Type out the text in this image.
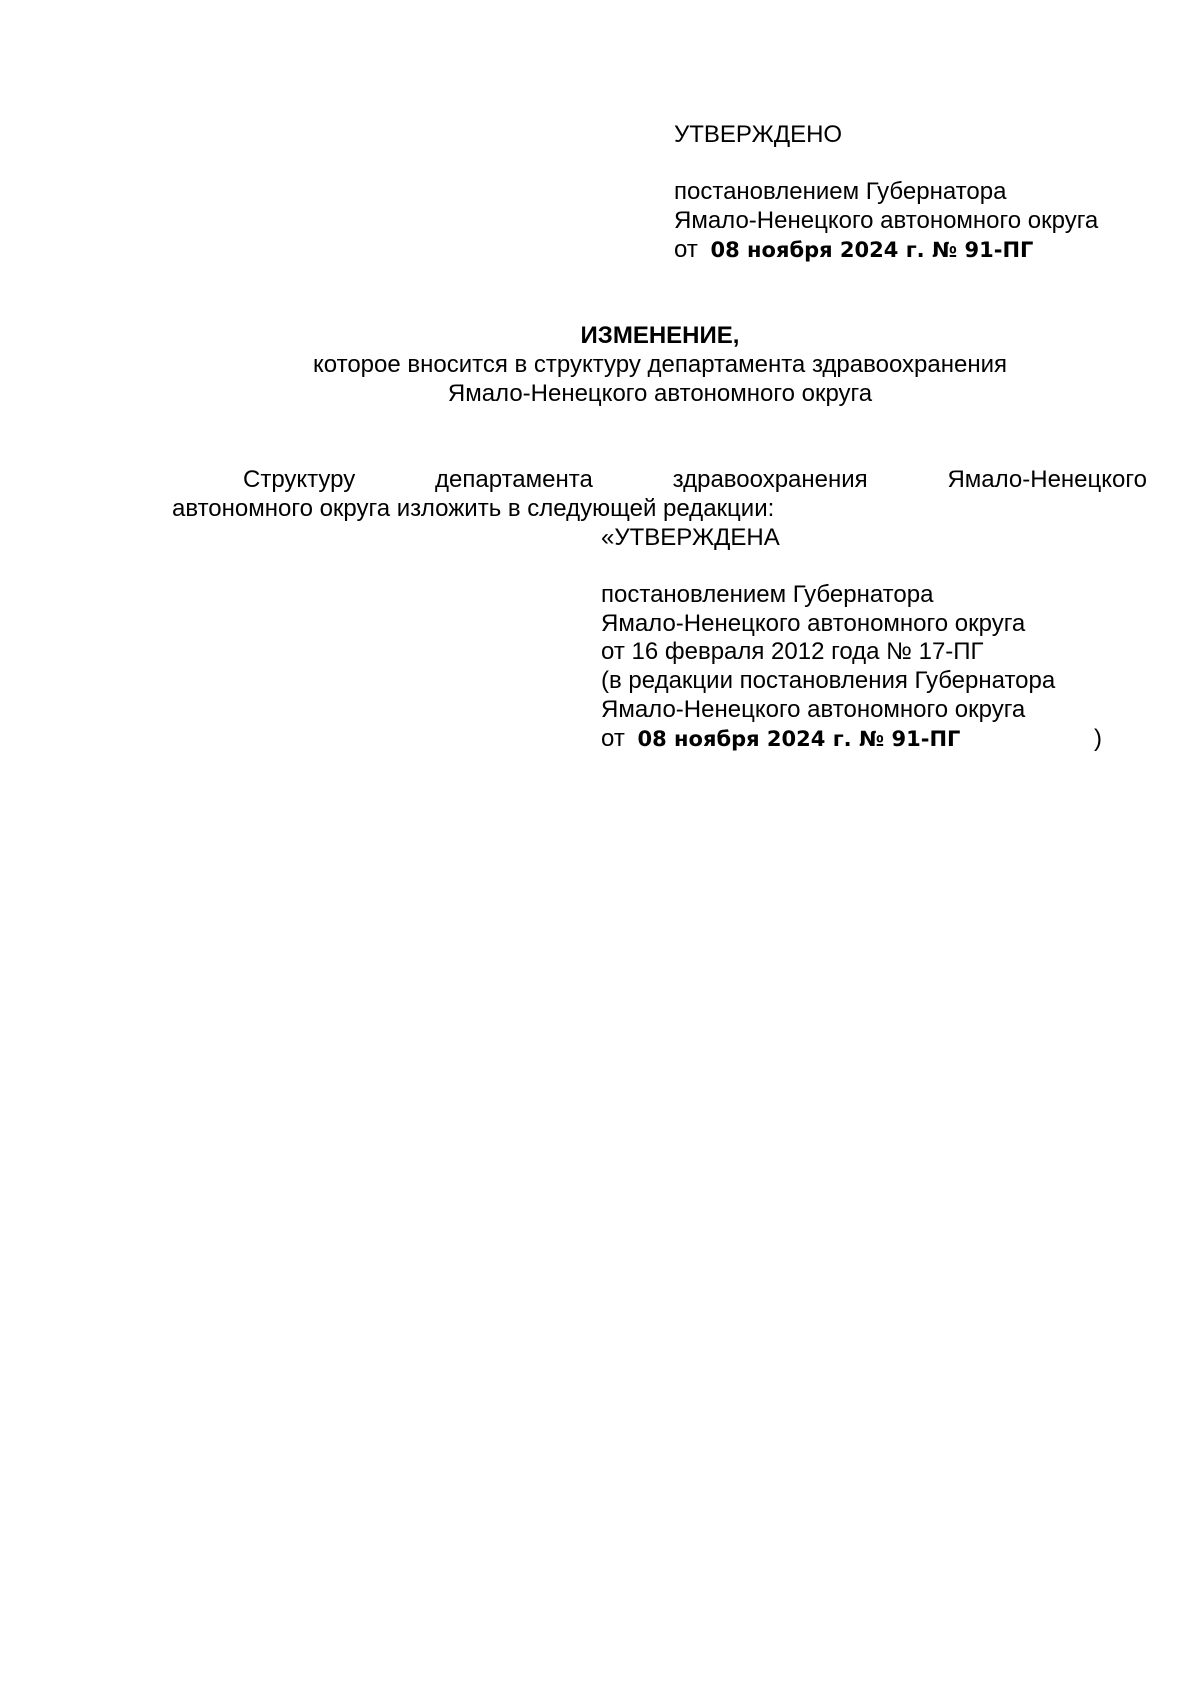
УТВЕРЖДЕНО
постановлением Губернатора
Ямало-Ненецкого автономного округа
от 08 ноября 2024 г. № 91-ПГ
ИЗМЕНЕНИЕ,
которое вносится в структуру департамента здравоохранения
Ямало-Ненецкого автономного округа
Структуру	департамента	здравоохранения	Ямало-Ненецкого
автономного округа изложить в следующей редакции:
«УТВЕРЖДЕНА
постановлением Губернатора
Ямало-Ненецкого автономного округа
от 16 февраля 2012 года № 17-ПГ
(в редакции постановления Губернатора
Ямало-Ненецкого автономного округа
от 08 ноября 2024 г. № 91-ПГ	)
